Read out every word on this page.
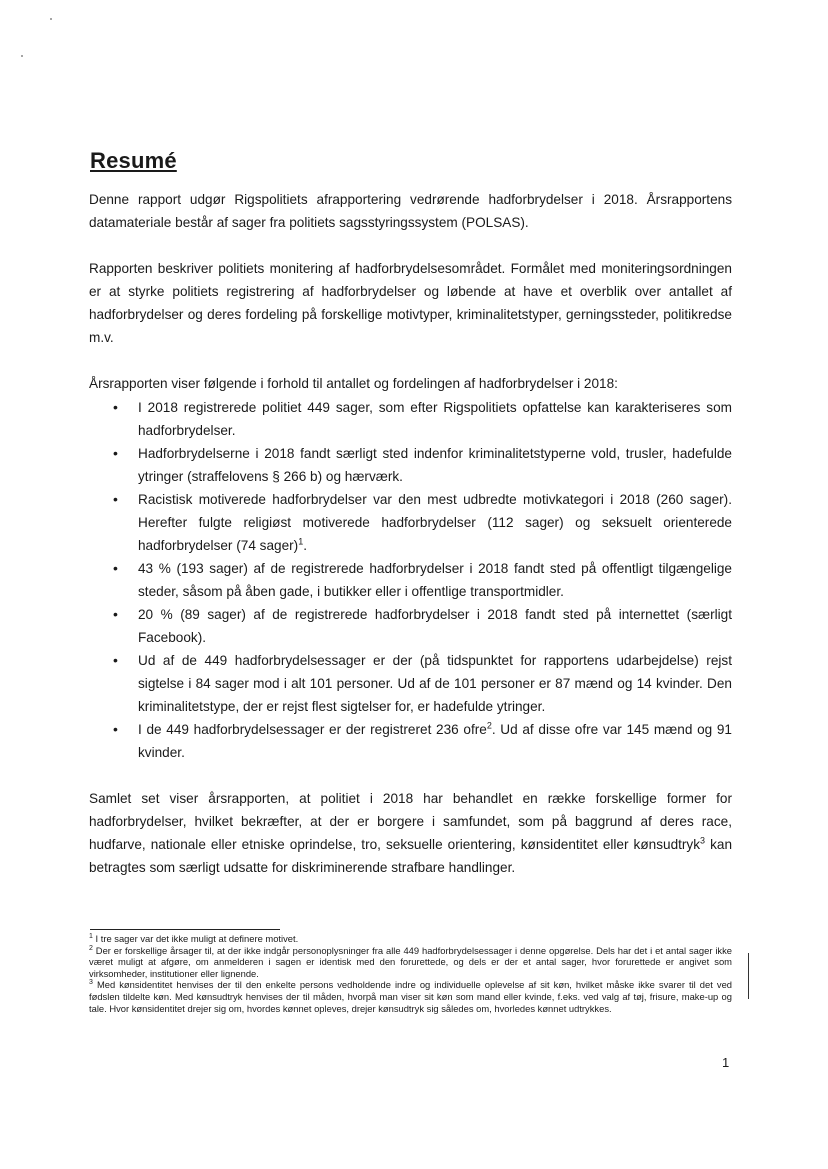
Resumé

Denne rapport udgør Rigspolitiets afrapportering vedrørende hadforbrydelser i 2018. Årsrapportens datamateriale består af sager fra politiets sagsstyringssystem (POLSAS).

Rapporten beskriver politiets monitering af hadforbrydelsesområdet. Formålet med moniteringsordningen er at styrke politiets registrering af hadforbrydelser og løbende at have et overblik over antallet af hadforbrydelser og deres fordeling på forskellige motivtyper, kriminalitetstyper, gerningssteder, politikredse m.v.

Årsrapporten viser følgende i forhold til antallet og fordelingen af hadforbrydelser i 2018:

• I 2018 registrerede politiet 449 sager, som efter Rigspolitiets opfattelse kan karakteriseres som hadforbrydelser.
• Hadforbrydelserne i 2018 fandt særligt sted indenfor kriminalitetstyperne vold, trusler, hadefulde ytringer (straffelovens § 266 b) og hærværk.
• Racistisk motiverede hadforbrydelser var den mest udbredte motivkategori i 2018 (260 sager). Herefter fulgte religiøst motiverede hadforbrydelser (112 sager) og seksuelt orienterede hadforbrydelser (74 sager)$^1$.
• 43 % (193 sager) af de registrerede hadforbrydelser i 2018 fandt sted på offentligt tilgængelige steder, såsom på åben gade, i butikker eller i offentlige transportmidler.
• 20 % (89 sager) af de registrerede hadforbrydelser i 2018 fandt sted på internettet (særligt Facebook).
• Ud af de 449 hadforbrydelsessager er der (på tidspunktet for rapportens udarbejdelse) rejst sigtelse i 84 sager mod i alt 101 personer. Ud af de 101 personer er 87 mænd og 14 kvinder. Den kriminalitetstype, der er rejst flest sigtelser for, er hadefulde ytringer.
• I de 449 hadforbrydelsessager er der registreret 236 ofre$^2$. Ud af disse ofre var 145 mænd og 91 kvinder.

Samlet set viser årsrapporten, at politiet i 2018 har behandlet en række forskellige former for hadforbrydelser, hvilket bekræfter, at der er borgere i samfundet, som på baggrund af deres race, hudfarve, nationale eller etniske oprindelse, tro, seksuelle orientering, kønsidentitet eller kønsudtryk$^3$ kan betragtes som særligt udsatte for diskriminerende strafbare handlinger.

$^1$ I tre sager var det ikke muligt at definere motivet.

$^2$ Der er forskellige årsager til, at der ikke indgår personoplysninger fra alle 449 hadforbrydelsessager i denne opgørelse. Dels har det i et antal sager ikke været muligt at afgøre, om anmelderen i sagen er identisk med den forurettede, og dels er der et antal sager, hvor forurettede er angivet som virksomheder, institutioner eller lignende.

$^3$ Med kønsidentitet henvises der til den enkelte persons vedholdende indre og individuelle oplevelse af sit køn, hvilket måske ikke svarer til det ved fødslen tildelte køn. Med kønsudtryk henvises der til måden, hvorpå man viser sit køn som mand eller kvinde, f.eks. ved valg af tøj, frisure, make-up og tale. Hvor kønsidentitet drejer sig om, hvordes kønnet opleves, drejer kønsudtryk sig således om, hvorledes kønnet udtrykkes.

1
